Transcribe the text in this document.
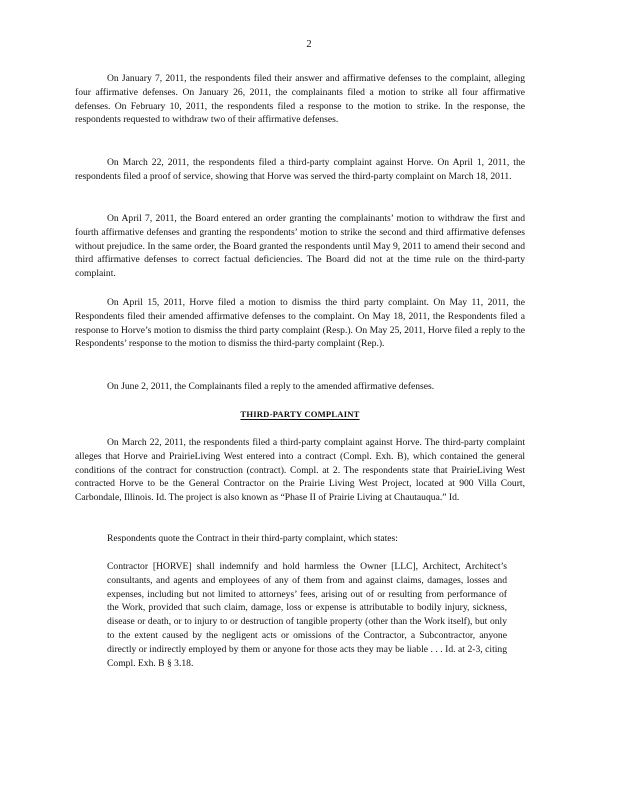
2

On January 7, 2011, the respondents filed their answer and affirmative defenses to the complaint, alleging four affirmative defenses. On January 26, 2011, the complainants filed a motion to strike all four affirmative defenses. On February 10, 2011, the respondents filed a response to the motion to strike. In the response, the respondents requested to withdraw two of their affirmative defenses.

On March 22, 2011, the respondents filed a third-party complaint against Horve. On April 1, 2011, the respondents filed a proof of service, showing that Horve was served the third-party complaint on March 18, 2011.

On April 7, 2011, the Board entered an order granting the complainants’ motion to withdraw the first and fourth affirmative defenses and granting the respondents’ motion to strike the second and third affirmative defenses without prejudice. In the same order, the Board granted the respondents until May 9, 2011 to amend their second and third affirmative defenses to correct factual deficiencies. The Board did not at the time rule on the third-party complaint.

On April 15, 2011, Horve filed a motion to dismiss the third party complaint. On May 11, 2011, the Respondents filed their amended affirmative defenses to the complaint. On May 18, 2011, the Respondents filed a response to Horve’s motion to dismiss the third party complaint (Resp.). On May 25, 2011, Horve filed a reply to the Respondents’ response to the motion to dismiss the third-party complaint (Rep.).

On June 2, 2011, the Complainants filed a reply to the amended affirmative defenses.

THIRD-PARTY COMPLAINT

On March 22, 2011, the respondents filed a third-party complaint against Horve. The third-party complaint alleges that Horve and PrairieLiving West entered into a contract (Compl. Exh. B), which contained the general conditions of the contract for construction (contract). Compl. at 2. The respondents state that PrairieLiving West contracted Horve to be the General Contractor on the Prairie Living West Project, located at 900 Villa Court, Carbondale, Illinois. Id. The project is also known as “Phase II of Prairie Living at Chautauqua.” Id.

Respondents quote the Contract in their third-party complaint, which states:

Contractor [HORVE] shall indemnify and hold harmless the Owner [LLC], Architect, Architect’s consultants, and agents and employees of any of them from and against claims, damages, losses and expenses, including but not limited to attorneys’ fees, arising out of or resulting from performance of the Work, provided that such claim, damage, loss or expense is attributable to bodily injury, sickness, disease or death, or to injury to or destruction of tangible property (other than the Work itself), but only to the extent caused by the negligent acts or omissions of the Contractor, a Subcontractor, anyone directly or indirectly employed by them or anyone for those acts they may be liable . . . Id. at 2-3, citing Compl. Exh. B § 3.18.
